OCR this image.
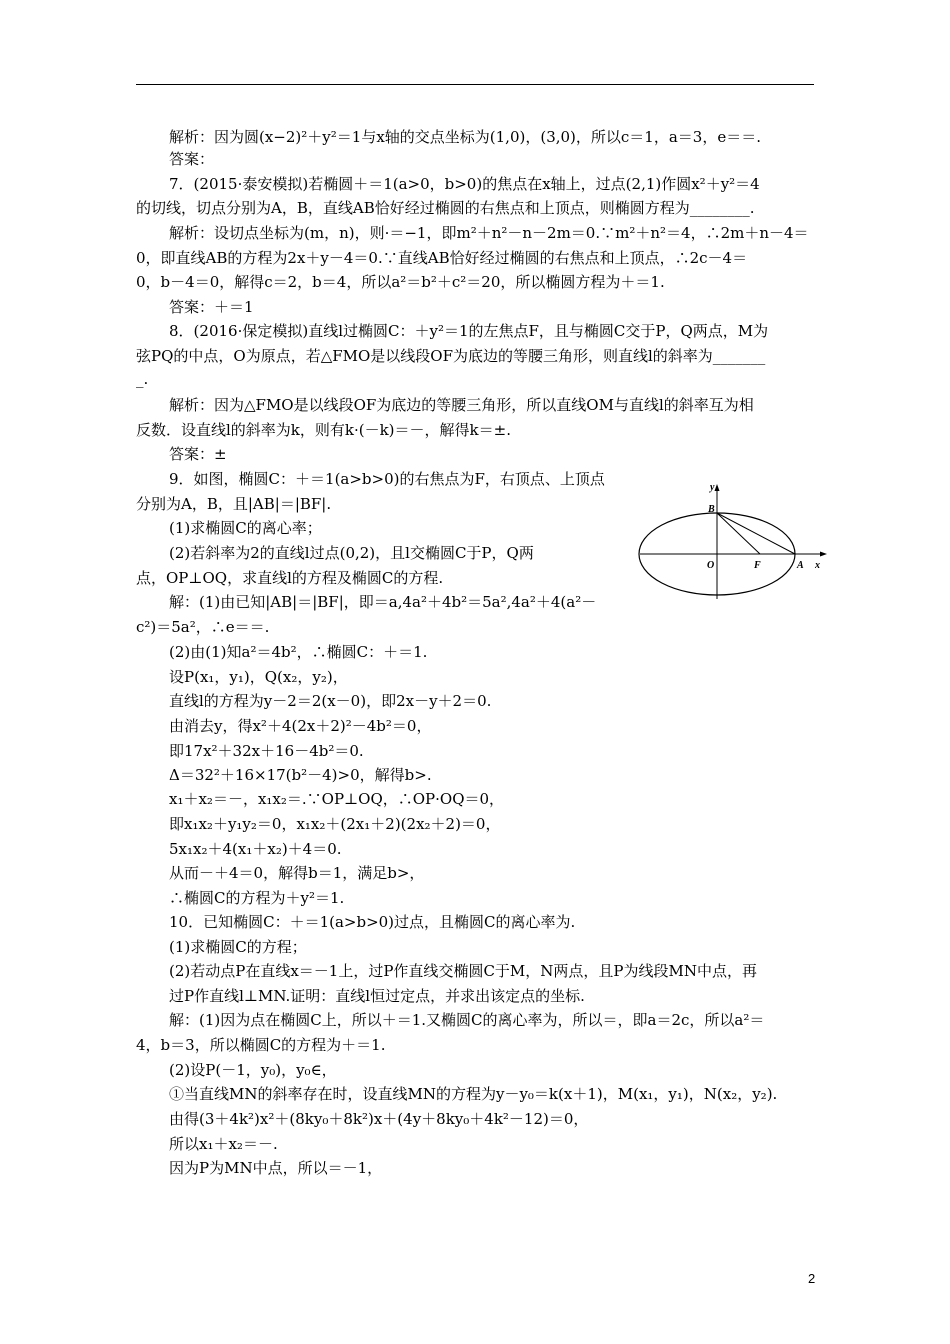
解析：因为圆(x−2)²＋y²＝1与x轴的交点坐标为(1,0)，(3,0)，所以c＝1，a＝3，e＝＝.
答案：
7．(2015·泰安模拟)若椭圆＋＝1(a>0，b>0)的焦点在x轴上，过点(2,1)作圆x²＋y²＝4
的切线，切点分别为A，B，直线AB恰好经过椭圆的右焦点和上顶点，则椭圆方程为________.
解析：设切点坐标为(m，n)，则·＝−1，即m²＋n²－n－2m＝0.∵m²＋n²＝4，∴2m＋n－4＝
0，即直线AB的方程为2x＋y－4＝0.∵直线AB恰好经过椭圆的右焦点和上顶点，∴2c－4＝
0，b－4＝0，解得c＝2，b＝4，所以a²＝b²＋c²＝20，所以椭圆方程为＋＝1.
答案：＋＝1
8．(2016·保定模拟)直线l过椭圆C：＋y²＝1的左焦点F，且与椭圆C交于P，Q两点，M为
弦PQ的中点，O为原点，若△FMO是以线段OF为底边的等腰三角形，则直线l的斜率为_______
_.
解析：因为△FMO是以线段OF为底边的等腰三角形，所以直线OM与直线l的斜率互为相
反数．设直线l的斜率为k，则有k·(－k)＝－，解得k＝±.
答案：±
9．如图，椭圆C：＋＝1(a>b>0)的右焦点为F，右顶点、上顶点
分别为A，B，且|AB|＝|BF|.
(1)求椭圆C的离心率；
(2)若斜率为2的直线l过点(0,2)，且l交椭圆C于P，Q两
点，OP⊥OQ，求直线l的方程及椭圆C的方程.
解：(1)由已知|AB|＝|BF|，即＝a,4a²＋4b²＝5a²,4a²＋4(a²－
c²)＝5a²，∴e＝＝.
(2)由(1)知a²＝4b²，∴椭圆C：＋＝1.
设P(x₁，y₁)，Q(x₂，y₂)，
直线l的方程为y－2＝2(x－0)，即2x－y＋2＝0.
由消去y，得x²＋4(2x＋2)²－4b²＝0，
即17x²＋32x＋16－4b²＝0.
Δ＝32²＋16×17(b²－4)>0，解得b>.
x₁＋x₂＝－，x₁x₂＝.∵OP⊥OQ，∴OP·OQ＝0，
即x₁x₂＋y₁y₂＝0，x₁x₂＋(2x₁＋2)(2x₂＋2)＝0，
5x₁x₂＋4(x₁＋x₂)＋4＝0.
从而－＋4＝0，解得b＝1，满足b>，
∴椭圆C的方程为＋y²＝1.
10．已知椭圆C：＋＝1(a>b>0)过点，且椭圆C的离心率为.
(1)求椭圆C的方程；
(2)若动点P在直线x＝－1上，过P作直线交椭圆C于M，N两点，且P为线段MN中点，再
过P作直线l⊥MN.证明：直线l恒过定点，并求出该定点的坐标.
解：(1)因为点在椭圆C上，所以＋＝1.又椭圆C的离心率为，所以＝，即a＝2c，所以a²＝
4，b＝3，所以椭圆C的方程为＋＝1.
(2)设P(－1，y₀)，y₀∈，
①当直线MN的斜率存在时，设直线MN的方程为y－y₀＝k(x＋1)，M(x₁，y₁)，N(x₂，y₂).
由得(3＋4k²)x²＋(8ky₀＋8k²)x＋(4y＋8ky₀＋4k²－12)＝0，
所以x₁＋x₂＝－.
因为P为MN中点，所以＝－1，
y
x
B
O	F	A
2
